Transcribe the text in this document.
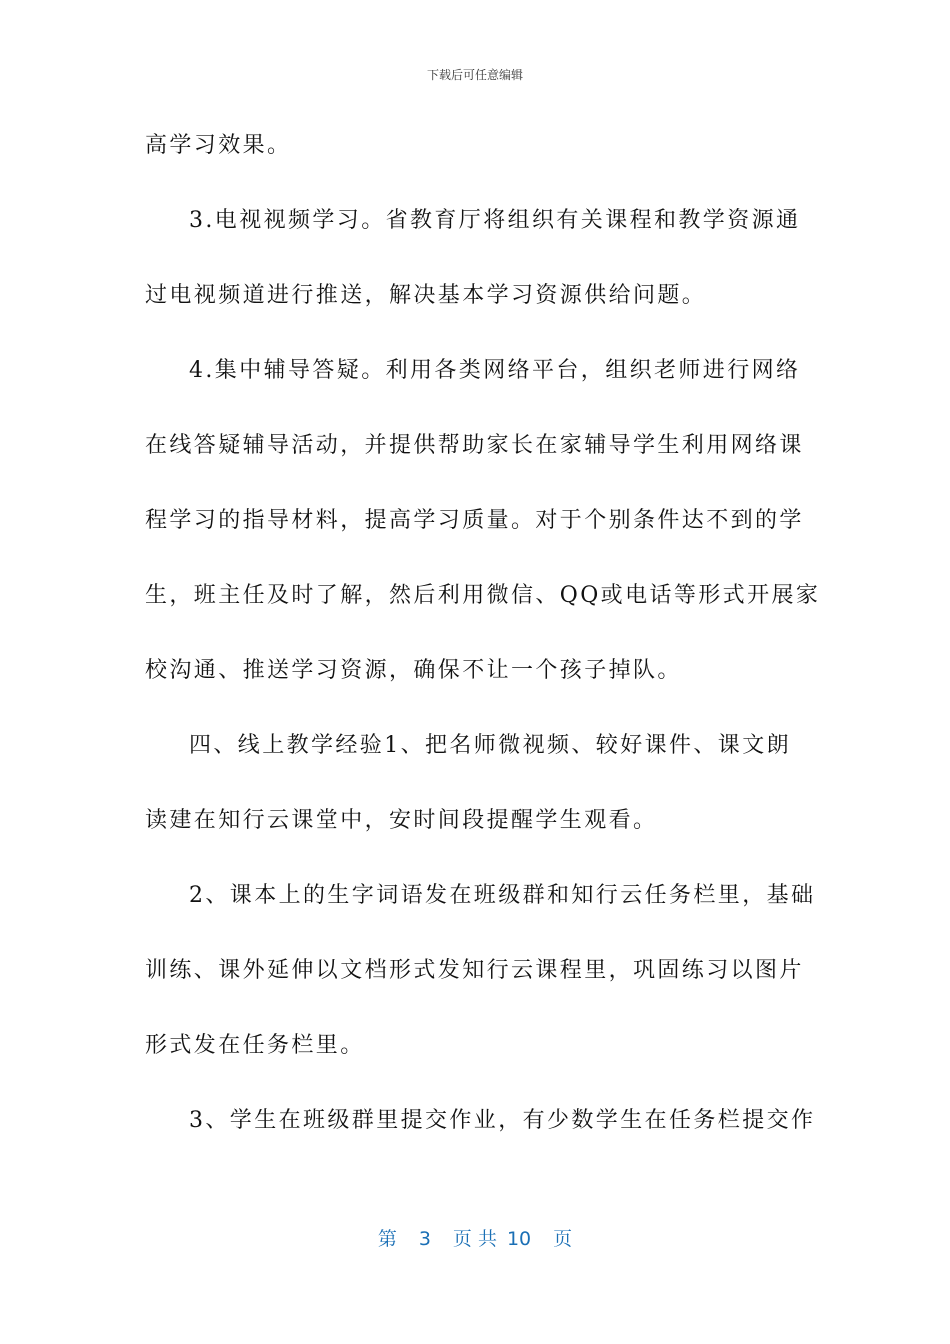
下载后可任意编辑
高学习效果。
3.电视视频学习。省教育厅将组织有关课程和教学资源通
过电视频道进行推送，解决基本学习资源供给问题。
4.集中辅导答疑。利用各类网络平台，组织老师进行网络
在线答疑辅导活动，并提供帮助家长在家辅导学生利用网络课
程学习的指导材料，提高学习质量。对于个别条件达不到的学
生，班主任及时了解，然后利用微信、QQ或电话等形式开展家
校沟通、推送学习资源，确保不让一个孩子掉队。
四、线上教学经验1、把名师微视频、较好课件、课文朗
读建在知行云课堂中，安时间段提醒学生观看。
2、课本上的生字词语发在班级群和知行云任务栏里，基础
训练、课外延伸以文档形式发知行云课程里，巩固练习以图片
形式发在任务栏里。
3、学生在班级群里提交作业，有少数学生在任务栏提交作
第 3 页 共 10 页
